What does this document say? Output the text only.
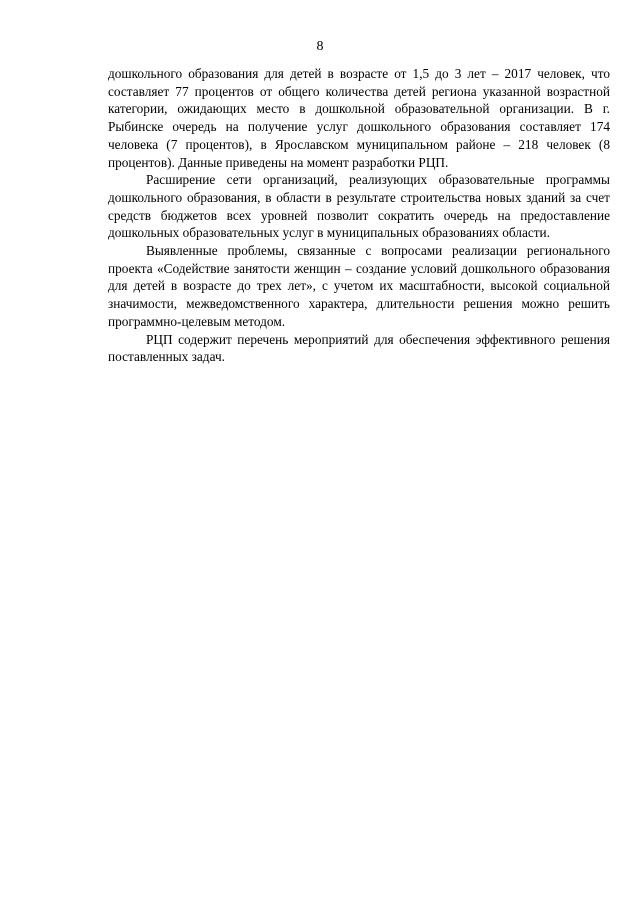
8

дошкольного образования для детей в возрасте от 1,5 до 3 лет – 2017 человек, что составляет 77 процентов от общего количества детей региона указанной возрастной категории, ожидающих место в дошкольной образовательной организации. В г. Рыбинске очередь на получение услуг дошкольного образования составляет 174 человека (7 процентов), в Ярославском муниципальном районе – 218 человек (8 процентов). Данные приведены на момент разработки РЦП.

Расширение сети организаций, реализующих образовательные программы дошкольного образования, в области в результате строительства новых зданий за счет средств бюджетов всех уровней позволит сократить очередь на предоставление дошкольных образовательных услуг в муниципальных образованиях области.

Выявленные проблемы, связанные с вопросами реализации регионального проекта «Содействие занятости женщин – создание условий дошкольного образования для детей в возрасте до трех лет», с учетом их масштабности, высокой социальной значимости, межведомственного характера, длительности решения можно решить программно-целевым методом.

РЦП содержит перечень мероприятий для обеспечения эффективного решения поставленных задач.
